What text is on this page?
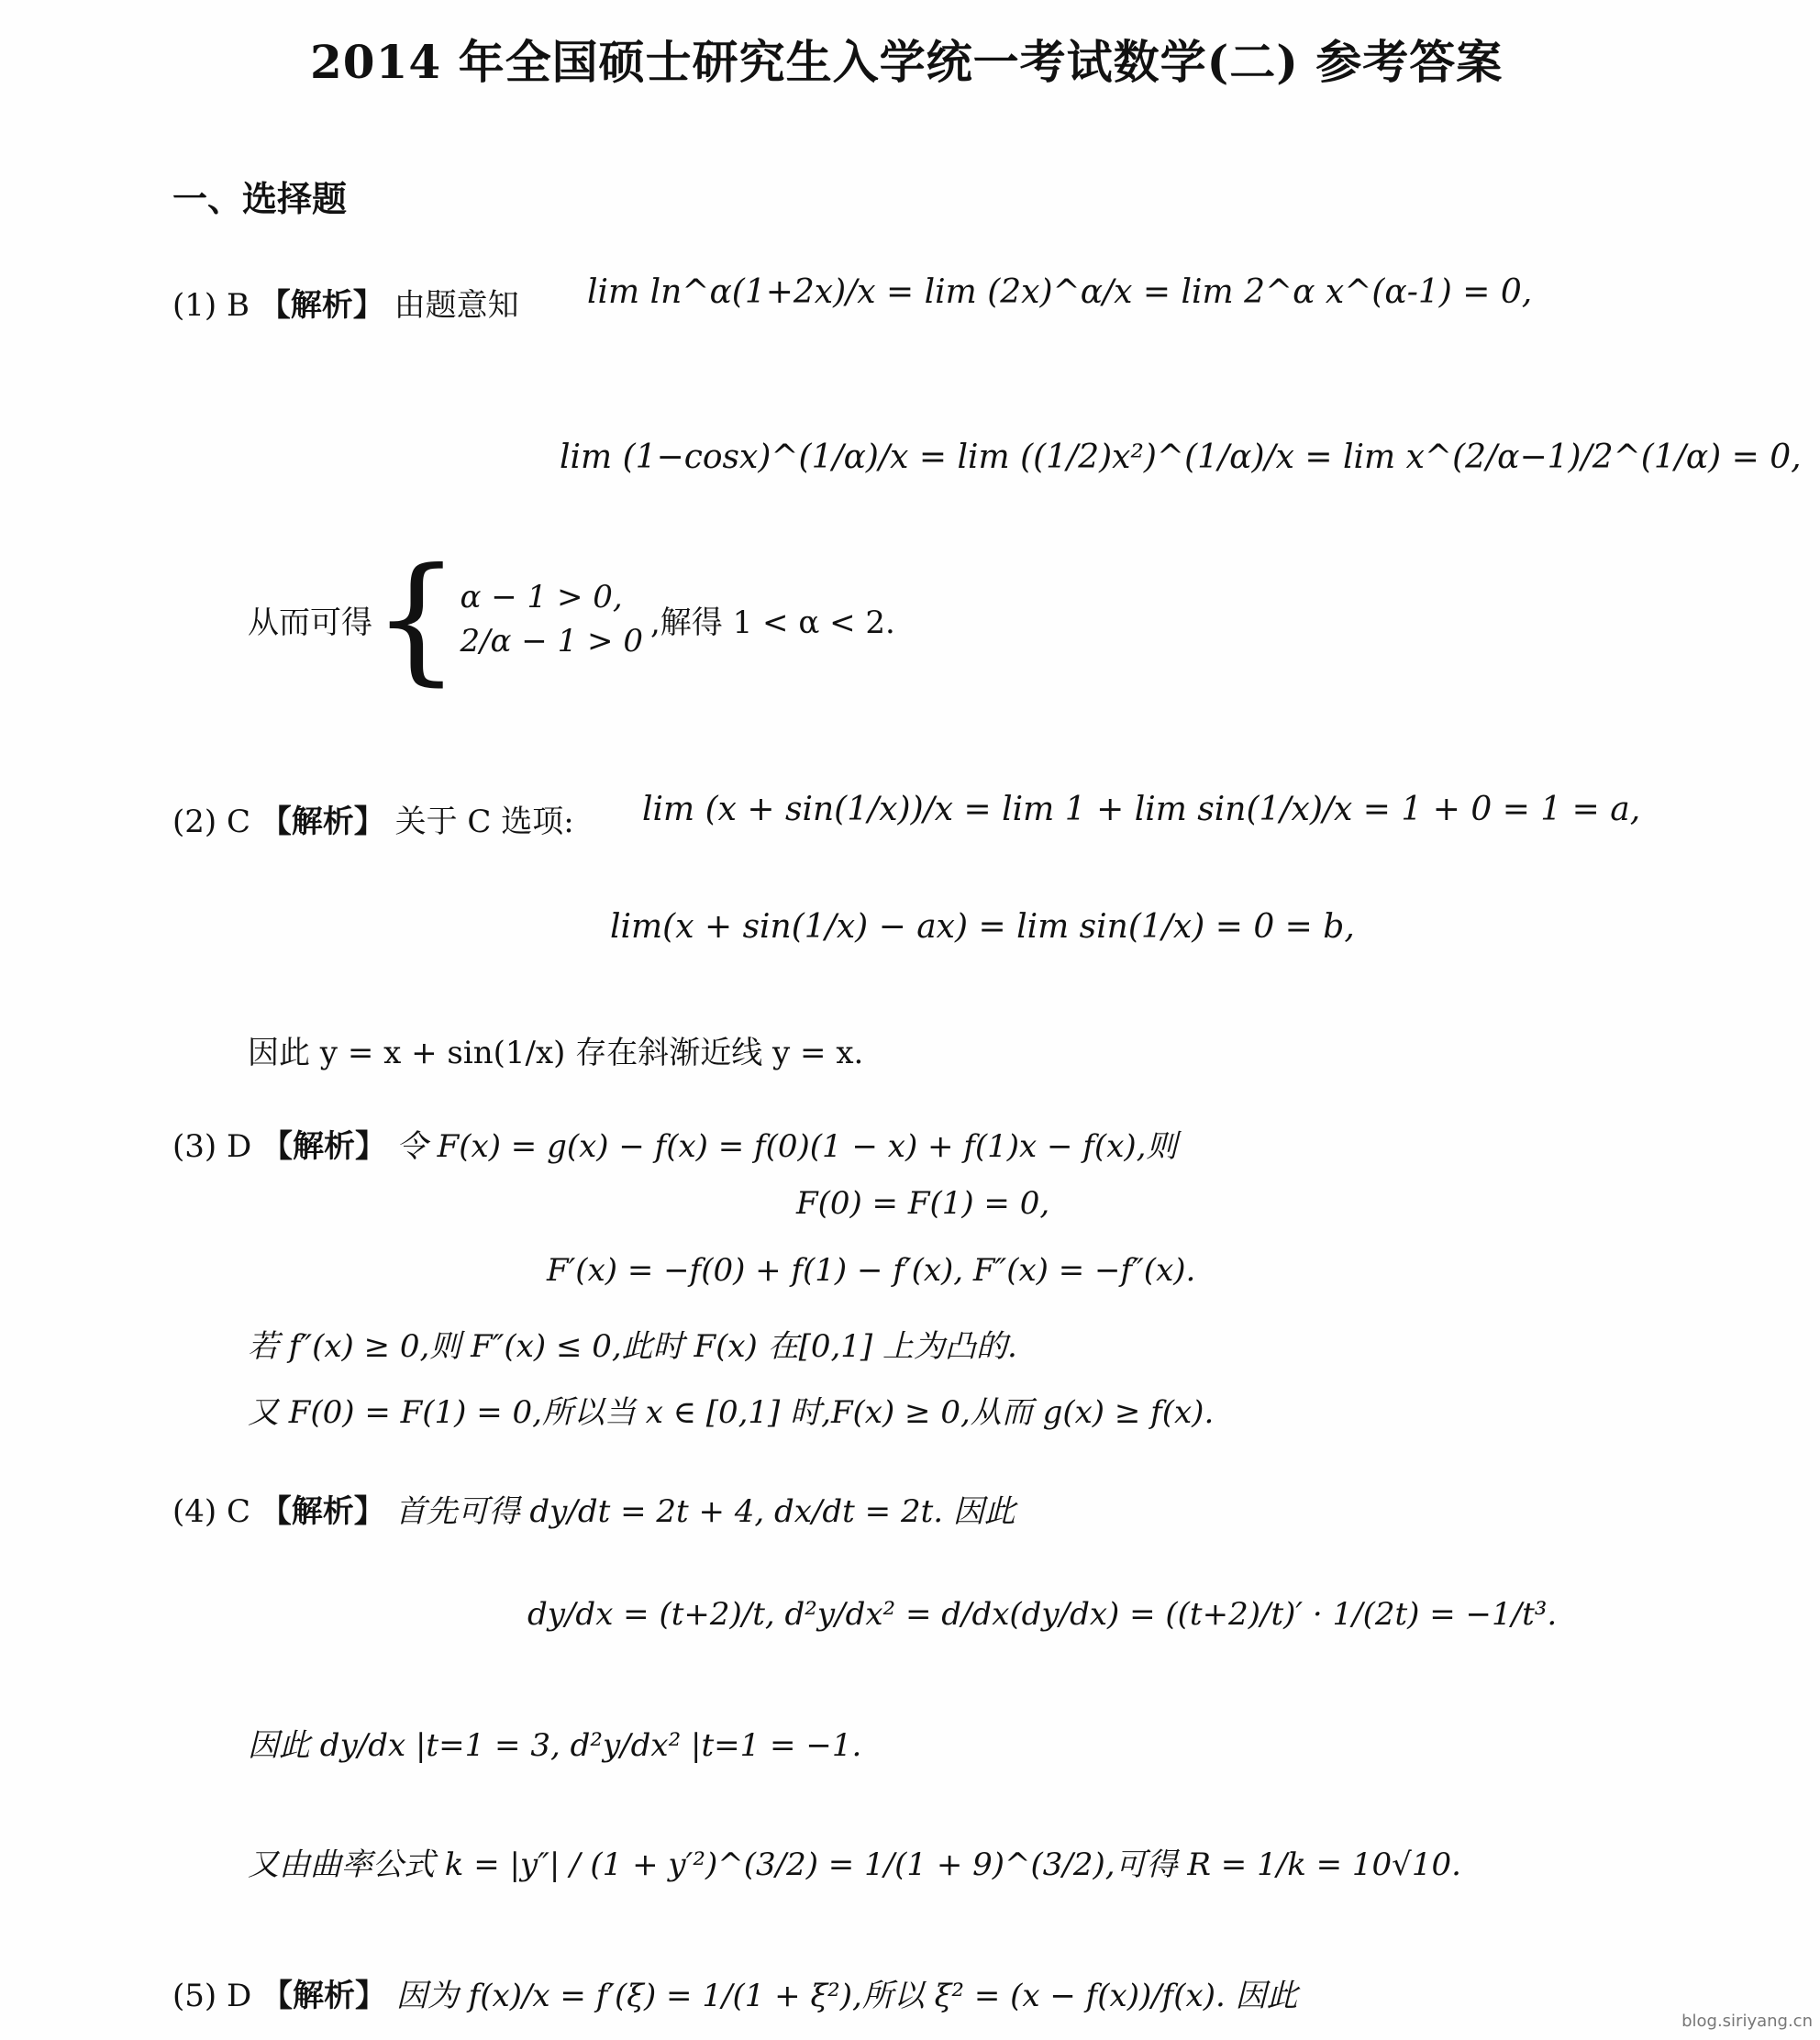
2014 年全国硕士研究生入学统一考试数学(二) 参考答案
一、选择题
(1) B 【解析】 由题意知 lim ln^α(1+2x)/x = lim (2x)^α/x = lim 2^α x^(α-1) = 0,
lim (1−cosx)^(1/α)/x = lim ((1/2)x²)^(1/α)/x = lim x^(2/α−1)/2^(1/α) = 0,
从而可得 { α − 1 > 0,
2/α − 1 > 0
,解得 1 < α < 2.
(2) C 【解析】 关于 C 选项: lim (x + sin(1/x))/x = lim 1 + lim sin(1/x)/x = 1 + 0 = 1 = a,
lim(x + sin(1/x) − ax) = lim sin(1/x) = 0 = b,
因此 y = x + sin(1/x) 存在斜渐近线 y = x.
(3) D 【解析】 令 F(x) = g(x) − f(x) = f(0)(1 − x) + f(1)x − f(x),则
F(0) = F(1) = 0,
F′(x) = −f(0) + f(1) − f′(x), F″(x) = −f″(x).
若 f″(x) ≥ 0,则 F″(x) ≤ 0,此时 F(x) 在[0,1] 上为凸的.
又 F(0) = F(1) = 0,所以当 x ∈ [0,1] 时,F(x) ≥ 0,从而 g(x) ≥ f(x).
(4) C 【解析】 首先可得 dy/dt = 2t + 4, dx/dt = 2t. 因此
dy/dx = (t+2)/t, d²y/dx² = d/dx(dy/dx) = ((t+2)/t)′ · 1/(2t) = −1/t³.
因此 dy/dx |t=1 = 3, d²y/dx² |t=1 = −1.
又由曲率公式 k = |y″| / (1 + y′²)^(3/2) = 1/(1 + 9)^(3/2),可得 R = 1/k = 10√10.
(5) D 【解析】 因为 f(x)/x = f′(ξ) = 1/(1 + ξ²),所以 ξ² = (x − f(x))/f(x). 因此
blog.siriyang.cn
